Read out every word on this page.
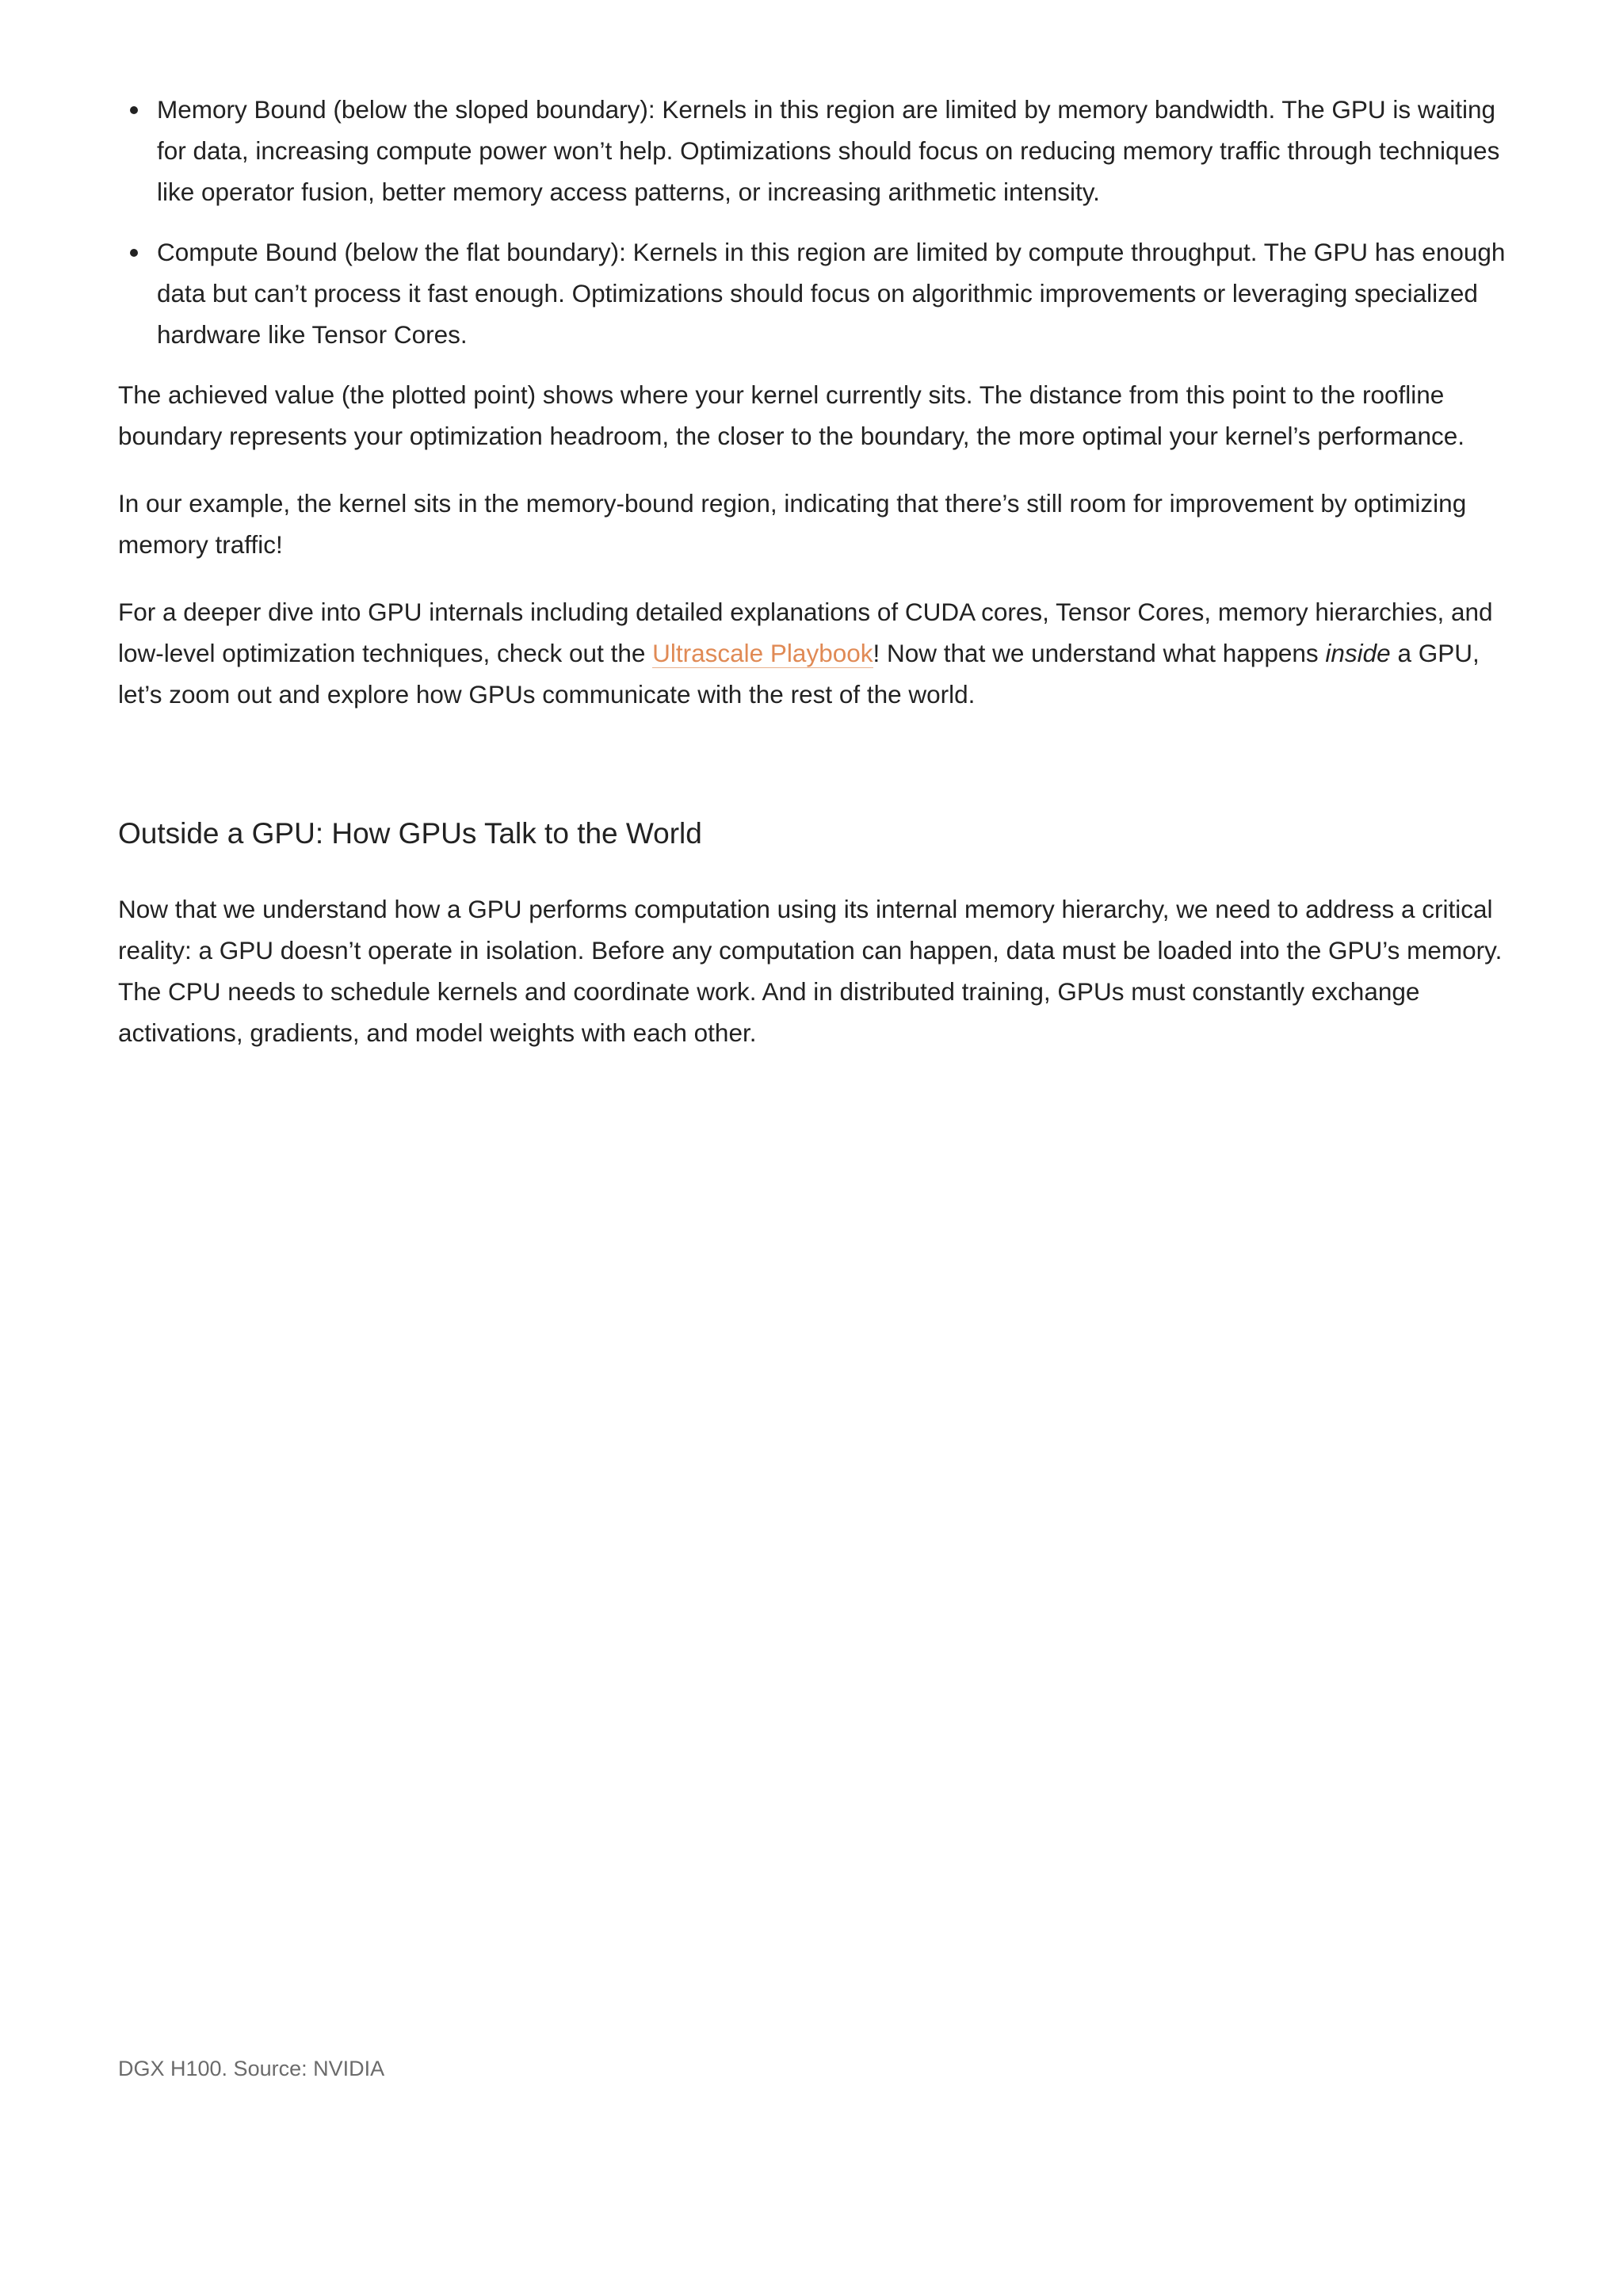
Memory Bound (below the sloped boundary): Kernels in this region are limited by memory bandwidth. The GPU is waiting for data, increasing compute power won’t help. Optimizations should focus on reducing memory traffic through techniques like operator fusion, better memory access patterns, or increasing arithmetic intensity.
Compute Bound (below the flat boundary): Kernels in this region are limited by compute throughput. The GPU has enough data but can’t process it fast enough. Optimizations should focus on algorithmic improvements or leveraging specialized hardware like Tensor Cores.

The achieved value (the plotted point) shows where your kernel currently sits. The distance from this point to the roofline boundary represents your optimization headroom, the closer to the boundary, the more optimal your kernel’s performance.

In our example, the kernel sits in the memory-bound region, indicating that there’s still room for improvement by optimizing memory traffic!

For a deeper dive into GPU internals including detailed explanations of CUDA cores, Tensor Cores, memory hierarchies, and low-level optimization techniques, check out the Ultrascale Playbook! Now that we understand what happens inside a GPU, let’s zoom out and explore how GPUs communicate with the rest of the world.

Outside a GPU: How GPUs Talk to the World

Now that we understand how a GPU performs computation using its internal memory hierarchy, we need to address a critical reality: a GPU doesn’t operate in isolation. Before any computation can happen, data must be loaded into the GPU’s memory. The CPU needs to schedule kernels and coordinate work. And in distributed training, GPUs must constantly exchange activations, gradients, and model weights with each other.

DGX H100. Source: NVIDIA
